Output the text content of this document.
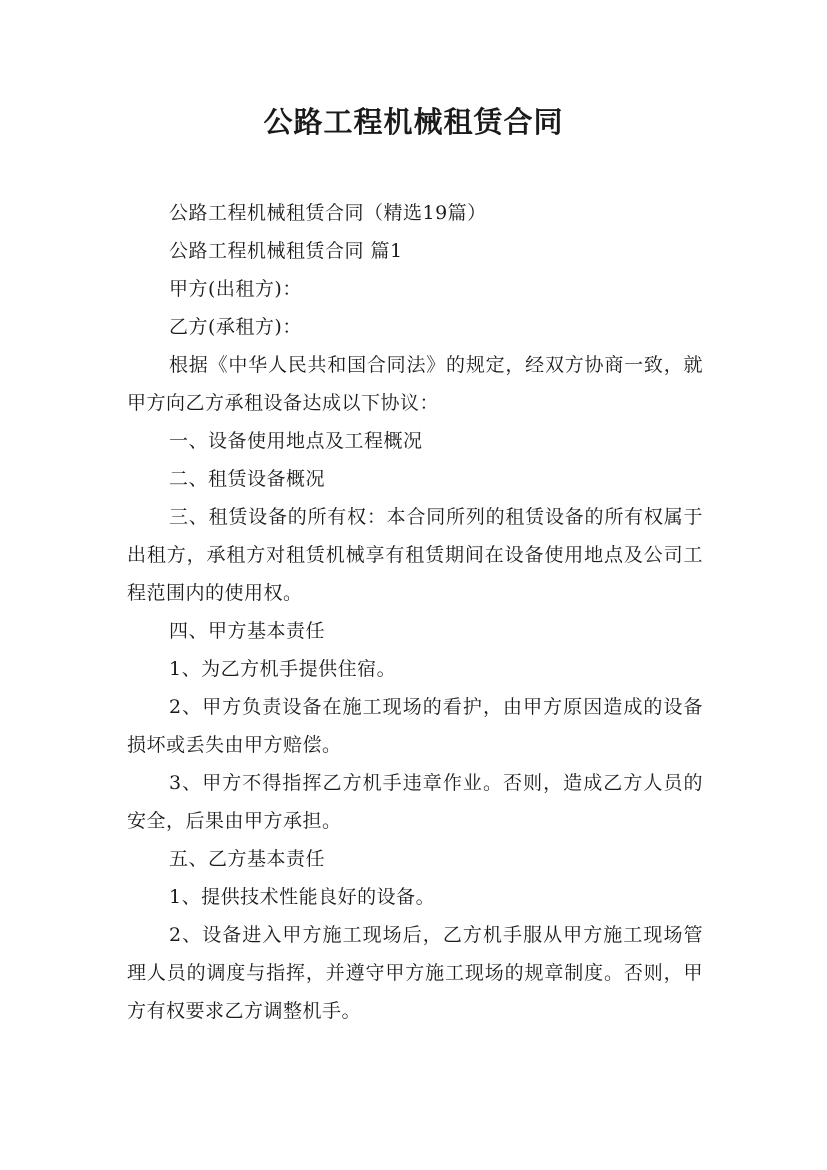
公路工程机械租赁合同

公路工程机械租赁合同（精选19篇）

公路工程机械租赁合同 篇1

甲方(出租方)：

乙方(承租方)：

根据《中华人民共和国合同法》的规定，经双方协商一致，就甲方向乙方承租设备达成以下协议：

一、设备使用地点及工程概况

二、租赁设备概况

三、租赁设备的所有权：本合同所列的租赁设备的所有权属于出租方，承租方对租赁机械享有租赁期间在设备使用地点及公司工程范围内的使用权。

四、甲方基本责任

1、为乙方机手提供住宿。

2、甲方负责设备在施工现场的看护，由甲方原因造成的设备损坏或丢失由甲方赔偿。

3、甲方不得指挥乙方机手违章作业。否则，造成乙方人员的安全，后果由甲方承担。

五、乙方基本责任

1、提供技术性能良好的设备。

2、设备进入甲方施工现场后，乙方机手服从甲方施工现场管理人员的调度与指挥，并遵守甲方施工现场的规章制度。否则，甲方有权要求乙方调整机手。
